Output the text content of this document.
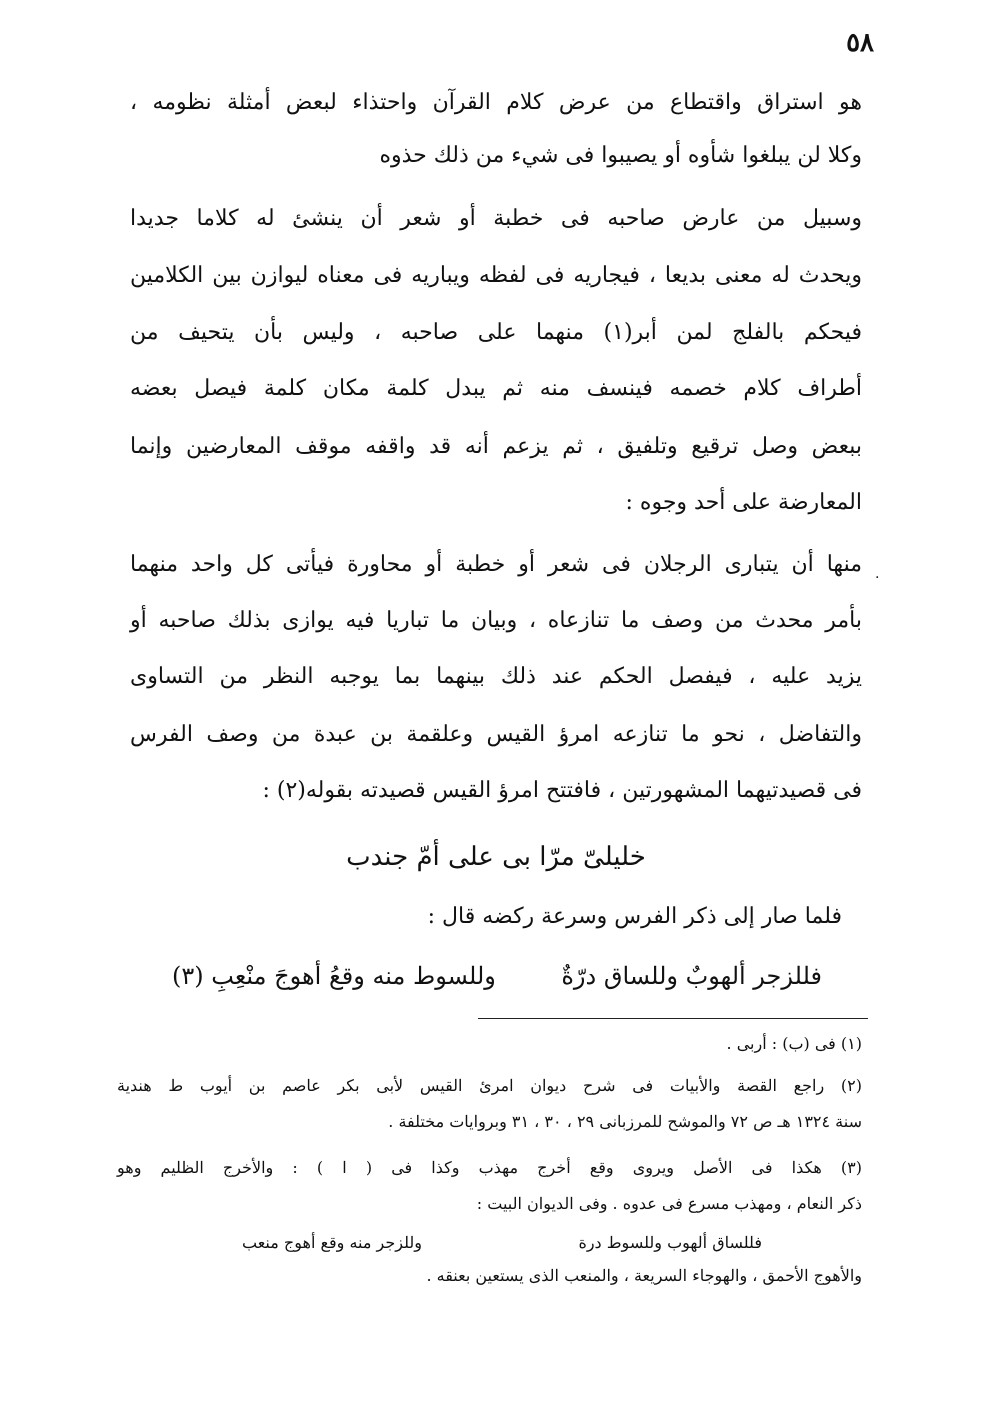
٥٨
هو استراق واقتطاع من عرض كلام القرآن واحتذاء لبعض أمثلة نظومه ،
وكلا لن يبلغوا شأوه أو يصيبوا فى شيء من ذلك حذوه
وسبيل من عارض صاحبه فى خطبة أو شعر أن ينشئ له كلاما جديدا
ويحدث له معنى بديعا ، فيجاريه فى لفظه ويباريه فى معناه ليوازن بين الكلامين
فيحكم بالفلج لمن أبر(١) منهما على صاحبه ، وليس بأن يتحيف من
أطراف كلام خصمه فينسف منه ثم يبدل كلمة مكان كلمة فيصل بعضه
ببعض وصل ترقيع وتلفيق ، ثم يزعم أنه قد واقفه موقف المعارضين وإنما
المعارضة على أحد وجوه :
.
منها أن يتبارى الرجلان فى شعر أو خطبة أو محاورة فيأتى كل واحد منهما
بأمر محدث من وصف ما تنازعاه ، وبيان ما تباريا فيه يوازى بذلك صاحبه أو
يزيد عليه ، فيفصل الحكم عند ذلك بينهما بما يوجبه النظر من التساوى
والتفاضل ، نحو ما تنازعه امرؤ القيس وعلقمة بن عبدة من وصف الفرس
فى قصيدتيهما المشهورتين ، فافتتح امرؤ القيس قصيدته بقوله(٢) :
خليلىّ مرّا بى على أمّ جندب
فلما صار إلى ذكر الفرس وسرعة ركضه قال :
فللزجر ألهوبٌ وللساق درّةٌ
وللسوط منه وقعُ أهوجَ منْعِبِ (٣)
(١) فى (ب) : أربى .
(٢) راجع القصة والأبيات فى شرح ديوان امرئ القيس لأبى بكر عاصم بن أيوب ط هندية
سنة ١٣٢٤ هـ ص ٧٢ والموشح للمرزبانى ٢٩ ، ٣٠ ، ٣١ وبروايات مختلفة .
(٣) هكذا فى الأصل ويروى وقع أخرج مهذب وكذا فى ( ا ) : والأخرج الظليم وهو
ذكر النعام ، ومهذب مسرع فى عدوه . وفى الديوان البيت :
فللساق ألهوب وللسوط درة
وللزجر منه وقع أهوج منعب
والأهوج الأحمق ، والهوجاء السريعة ، والمنعب الذى يستعين بعنقه .
